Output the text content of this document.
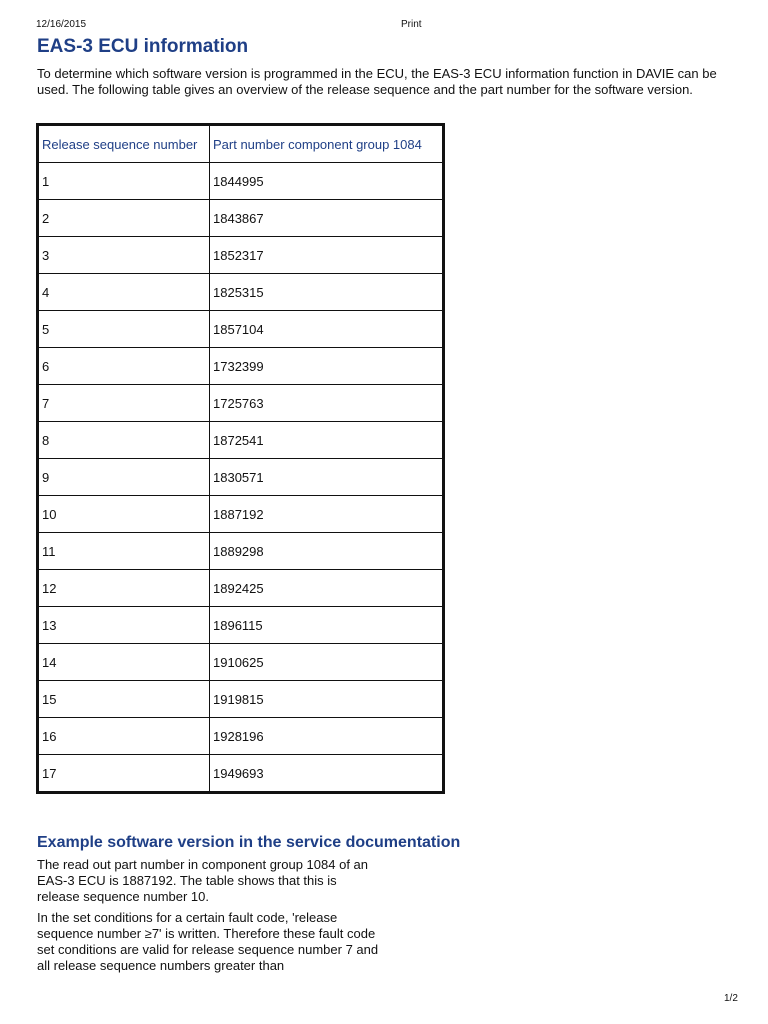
12/16/2015	Print
EAS-3 ECU information

To determine which software version is programmed in the ECU, the EAS-3 ECU information function in DAVIE can be used. The following table gives an overview of the release sequence and the part number for the software version.

Release sequence number	Part number component group 1084
1	1844995
2	1843867
3	1852317
4	1825315
5	1857104
6	1732399
7	1725763
8	1872541
9	1830571
10	1887192
11	1889298
12	1892425
13	1896115
14	1910625
15	1919815
16	1928196
17	1949693
Example software version in the service documentation

The read out part number in component group 1084 of an EAS-3 ECU is 1887192. The table shows that this is release sequence number 10.

In the set conditions for a certain fault code, 'release sequence number ≥7' is written. Therefore these fault code set conditions are valid for release sequence number 7 and all release sequence numbers greater than

1/2
